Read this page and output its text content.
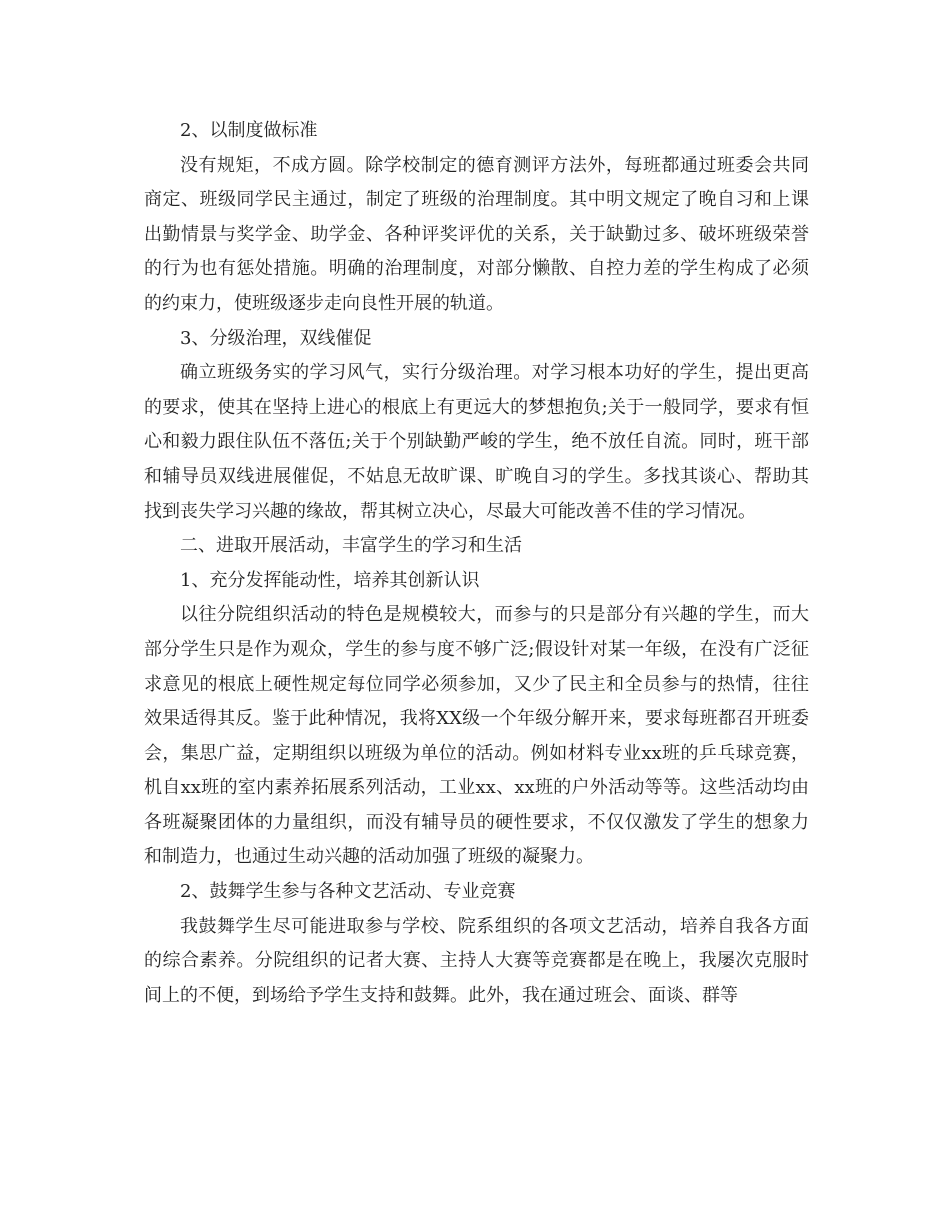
2、以制度做标准

没有规矩，不成方圆。除学校制定的德育测评方法外，每班都通过班委会共同商定、班级同学民主通过，制定了班级的治理制度。其中明文规定了晚自习和上课出勤情景与奖学金、助学金、各种评奖评优的关系，关于缺勤过多、破坏班级荣誉的行为也有惩处措施。明确的治理制度，对部分懒散、自控力差的学生构成了必须的约束力，使班级逐步走向良性开展的轨道。

3、分级治理，双线催促

确立班级务实的学习风气，实行分级治理。对学习根本功好的学生，提出更高的要求，使其在坚持上进心的根底上有更远大的梦想抱负;关于一般同学，要求有恒心和毅力跟住队伍不落伍;关于个别缺勤严峻的学生，绝不放任自流。同时，班干部和辅导员双线进展催促，不姑息无故旷课、旷晚自习的学生。多找其谈心、帮助其找到丧失学习兴趣的缘故，帮其树立决心，尽最大可能改善不佳的学习情况。

二、进取开展活动，丰富学生的学习和生活

1、充分发挥能动性，培养其创新认识

以往分院组织活动的特色是规模较大，而参与的只是部分有兴趣的学生，而大部分学生只是作为观众，学生的参与度不够广泛;假设针对某一年级，在没有广泛征求意见的根底上硬性规定每位同学必须参加，又少了民主和全员参与的热情，往往效果适得其反。鉴于此种情况，我将XX级一个年级分解开来，要求每班都召开班委会，集思广益，定期组织以班级为单位的活动。例如材料专业xx班的乒乓球竞赛，机自xx班的室内素养拓展系列活动，工业xx、xx班的户外活动等等。这些活动均由各班凝聚团体的力量组织，而没有辅导员的硬性要求，不仅仅激发了学生的想象力和制造力，也通过生动兴趣的活动加强了班级的凝聚力。

2、鼓舞学生参与各种文艺活动、专业竞赛

我鼓舞学生尽可能进取参与学校、院系组织的各项文艺活动，培养自我各方面的综合素养。分院组织的记者大赛、主持人大赛等竞赛都是在晚上，我屡次克服时间上的不便，到场给予学生支持和鼓舞。此外，我在通过班会、面谈、群等
